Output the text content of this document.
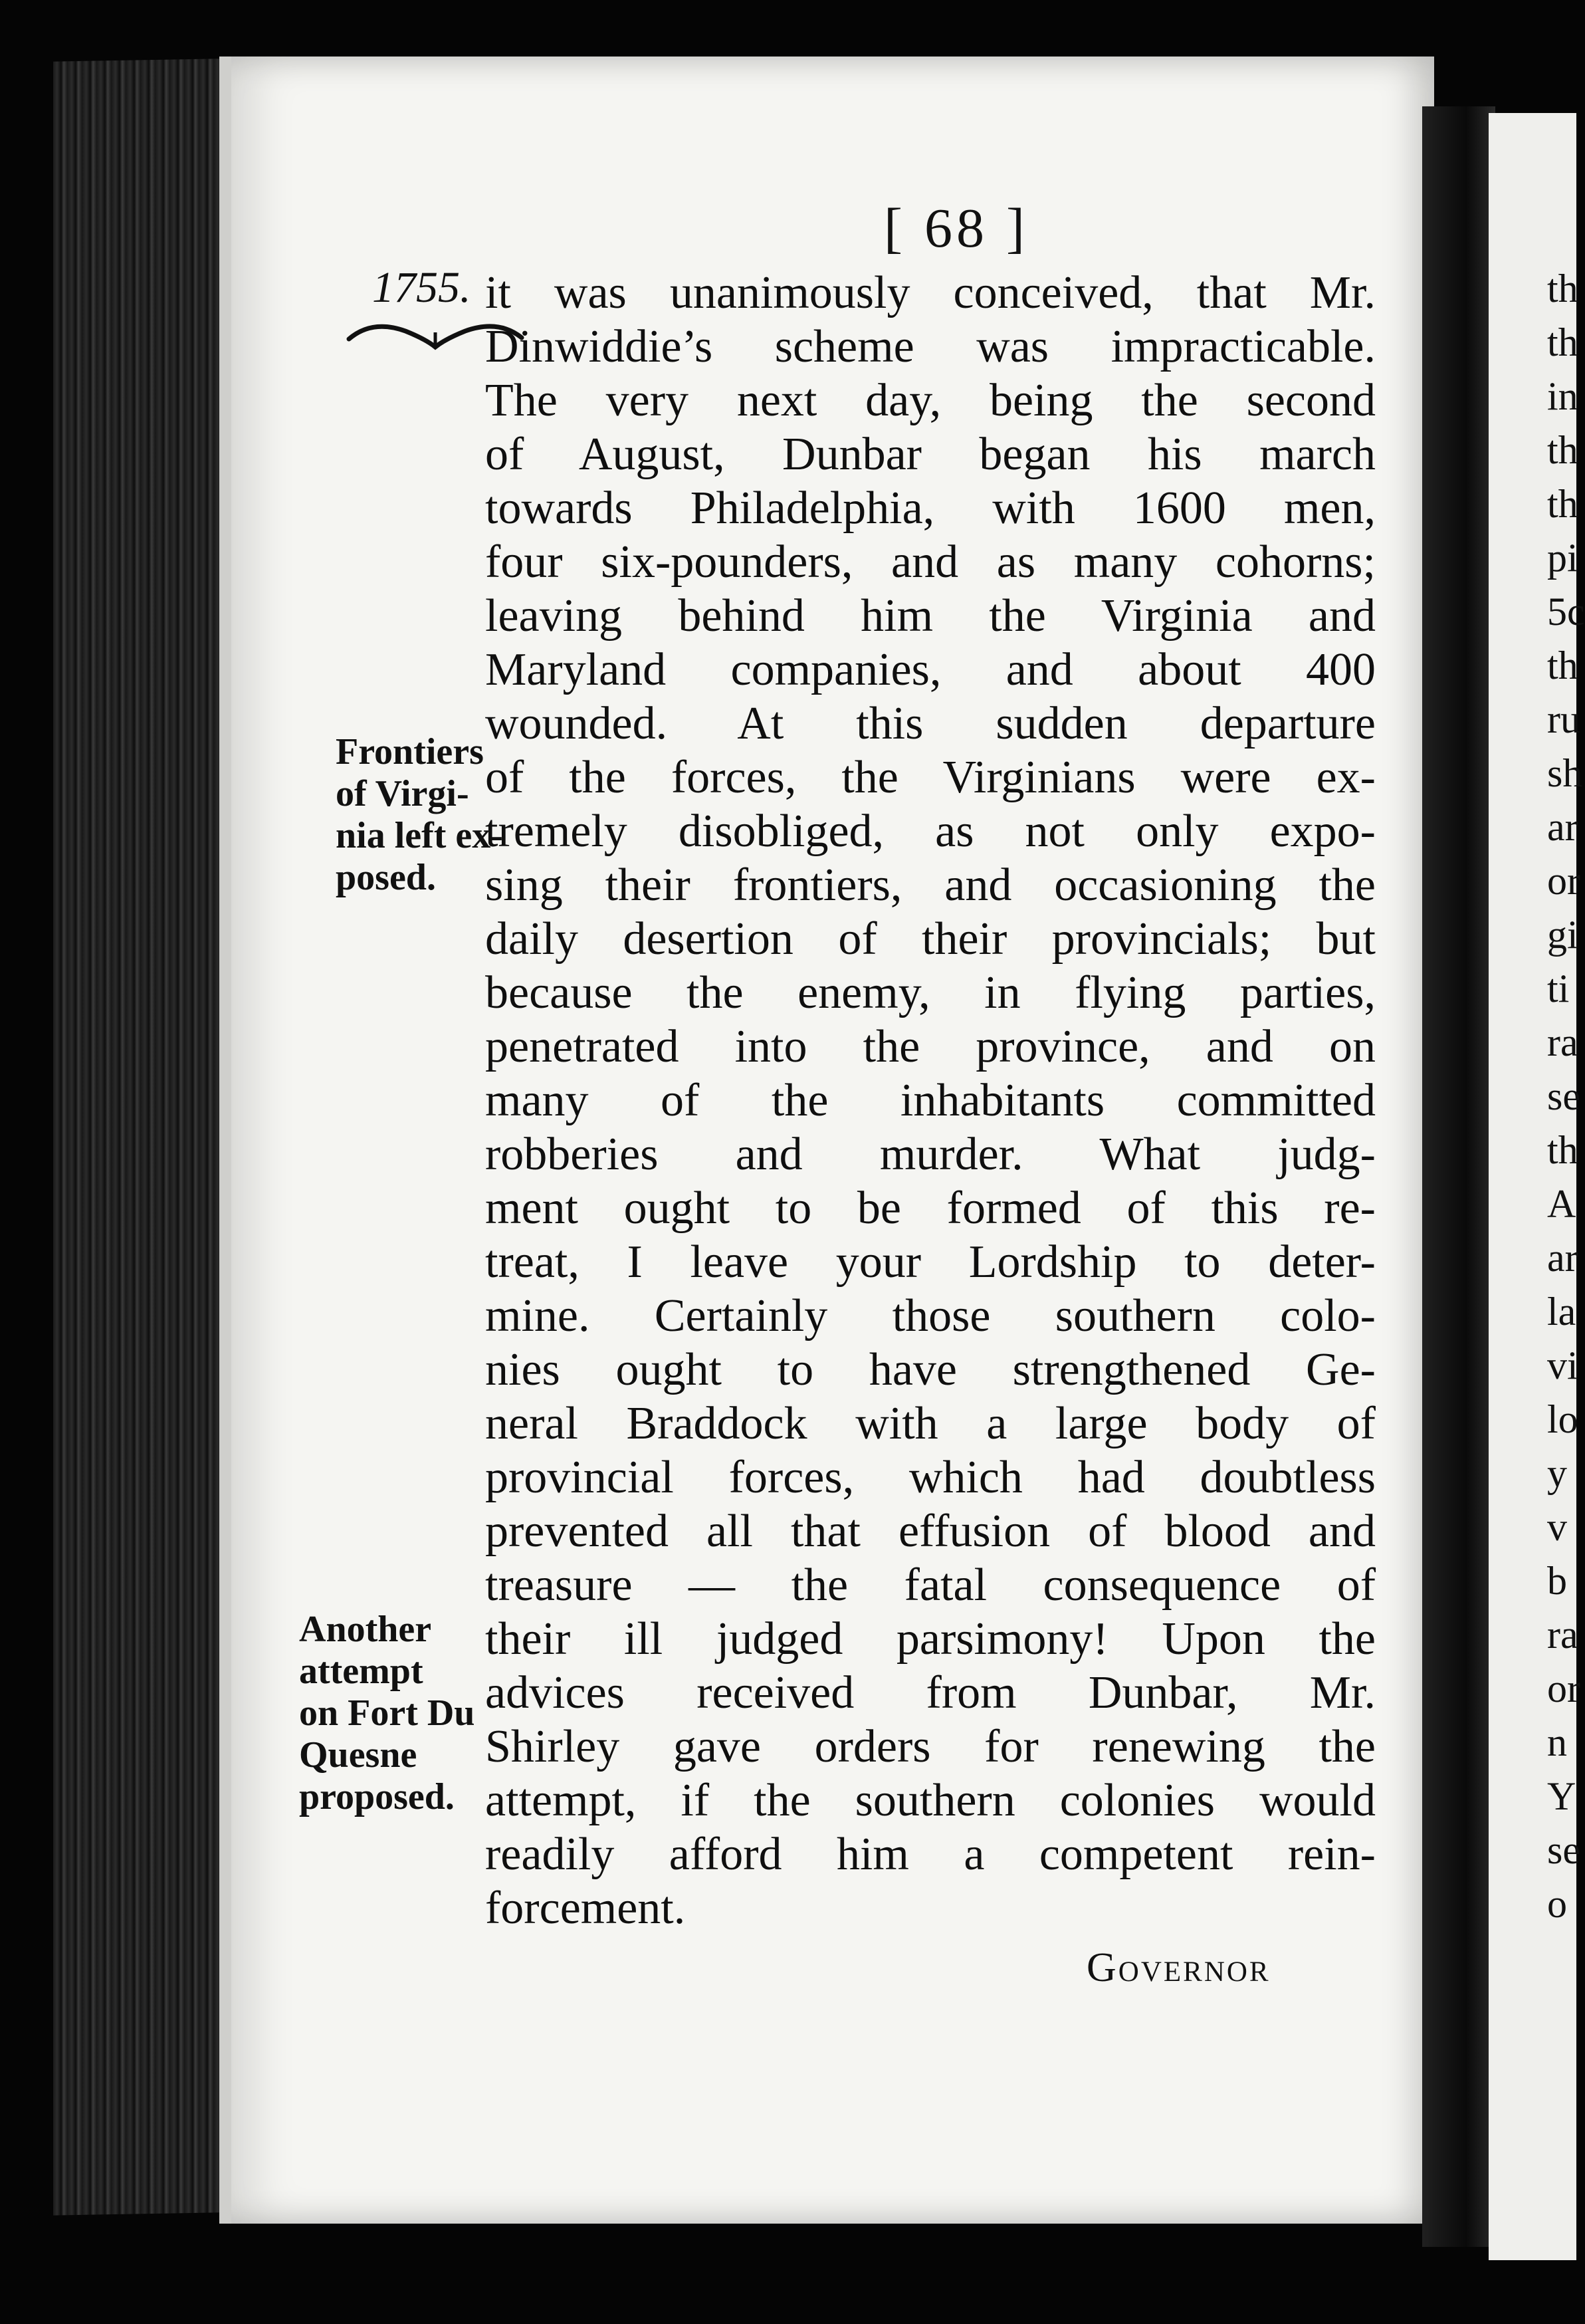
th
th
in
th
th
pi
5c
th
ru
sh
ar
or
gi
ti
ra
se
th
A
ar
la
vi
lo
y
v
b
ra
or
n
Y
se
o
[ 68 ]
1755. it was unanimously conceived, that Mr.
Dinwiddie’s scheme was impracticable.
The very next day, being the second
of August, Dunbar began his march
towards Philadelphia, with 1600 men,
four six-pounders, and as many cohorns;
leaving behind him the Virginia and
Maryland companies, and about 400
wounded. At this sudden departure
of the forces, the Virginians were ex-
tremely disobliged, as not only expo-
sing their frontiers, and occasioning the
daily desertion of their provincials; but
because the enemy, in flying parties,
penetrated into the province, and on
many of the inhabitants committed
robberies and murder. What judg-
ment ought to be formed of this re-
treat, I leave your Lordship to deter-
mine. Certainly those southern colo-
nies ought to have strengthened Ge-
neral Braddock with a large body of
provincial forces, which had doubtless
prevented all that effusion of blood and
treasure — the fatal consequence of
their ill judged parsimony! Upon the
advices received from Dunbar, Mr.
Shirley gave orders for renewing the
attempt, if the southern colonies would
readily afford him a competent rein-
forcement.
Frontiers
of Virgi-
nia left ex-
posed.
Another
attempt
on Fort Du
Quesne
proposed.
Governor
